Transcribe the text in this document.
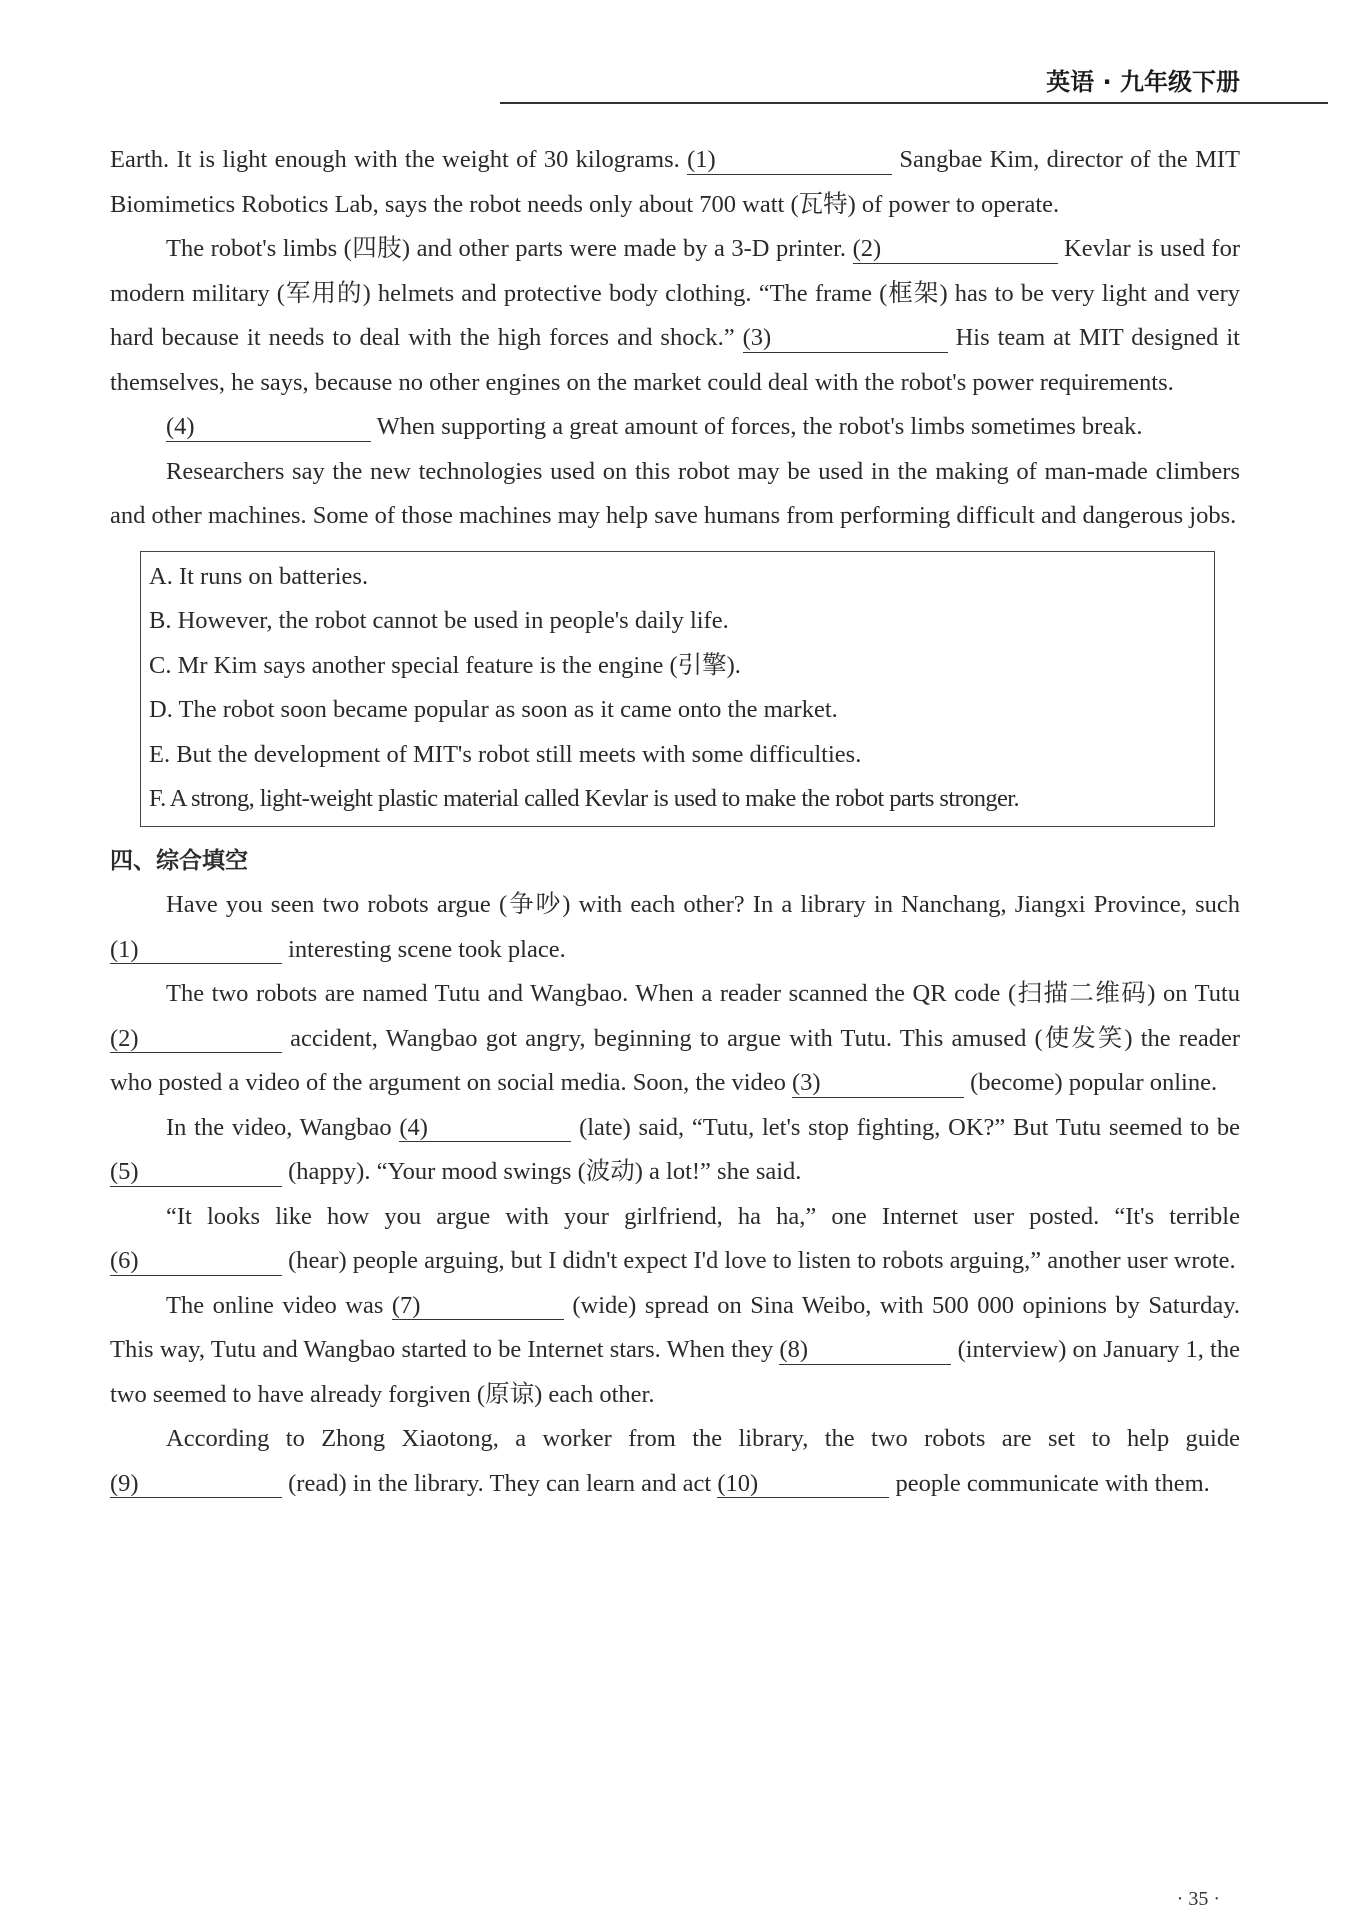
英语 · 九年级下册

Earth. It is light enough with the weight of 30 kilograms. (1)	Sangbae Kim, director of the MIT Biomimetics Robotics Lab, says the robot needs only about 700 watt (瓦特) of power to operate.

The robot's limbs (四肢) and other parts were made by a 3-D printer. (2)	Kevlar is used for modern military (军用的) helmets and protective body clothing. “The frame (框架) has to be very light and very hard because it needs to deal with the high forces and shock.” (3)	His team at MIT designed it themselves, he says, because no other engines on the market could deal with the robot's power requirements.

(4)	When supporting a great amount of forces, the robot's limbs sometimes break.

Researchers say the new technologies used on this robot may be used in the making of man-made climbers and other machines. Some of those machines may help save humans from performing difficult and dangerous jobs.

A. It runs on batteries.
B. However, the robot cannot be used in people's daily life.
C. Mr Kim says another special feature is the engine (引擎).
D. The robot soon became popular as soon as it came onto the market.
E. But the development of MIT's robot still meets with some difficulties.
F. A strong, light-weight plastic material called Kevlar is used to make the robot parts stronger.
四、综合填空

Have you seen two robots argue (争吵) with each other? In a library in Nanchang, Jiangxi Province, such (1)	interesting scene took place.

The two robots are named Tutu and Wangbao. When a reader scanned the QR code (扫描二维码) on Tutu (2)	accident, Wangbao got angry, beginning to argue with Tutu. This amused (使发笑) the reader who posted a video of the argument on social media. Soon, the video (3)	(become) popular online.

In the video, Wangbao (4)	(late) said, “Tutu, let's stop fighting, OK?” But Tutu seemed to be (5)	(happy). “Your mood swings (波动) a lot!” she said.

“It looks like how you argue with your girlfriend, ha ha,” one Internet user posted. “It's terrible (6)	(hear) people arguing, but I didn't expect I'd love to listen to robots arguing,” another user wrote.

The online video was (7)	(wide) spread on Sina Weibo, with 500 000 opinions by Saturday. This way, Tutu and Wangbao started to be Internet stars. When they (8)	(interview) on January 1, the two seemed to have already forgiven (原谅) each other.

According to Zhong Xiaotong, a worker from the library, the two robots are set to help guide (9)	(read) in the library. They can learn and act (10)	people communicate with them.

· 35 ·
